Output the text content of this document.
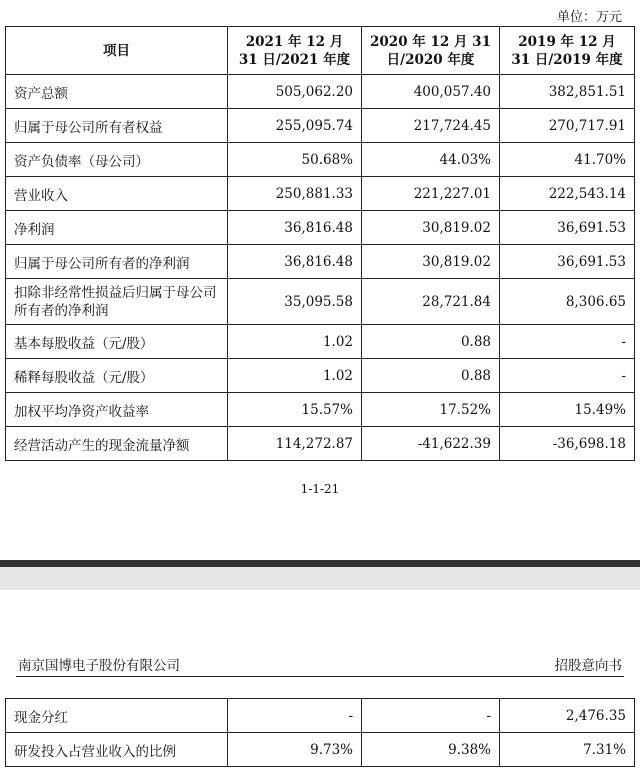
单位：万元
项目	2021 年 12 月 31 日/2021 年度	2020 年 12 月 31 日/2020 年度	2019 年 12 月 31 日/2019 年度
资产总额	505,062.20	400,057.40	382,851.51
归属于母公司所有者权益	255,095.74	217,724.45	270,717.91
资产负债率（母公司）	50.68%	44.03%	41.70%
营业收入	250,881.33	221,227.01	222,543.14
净利润	36,816.48	30,819.02	36,691.53
归属于母公司所有者的净利润	36,816.48	30,819.02	36,691.53
扣除非经常性损益后归属于母公司所有者的净利润	35,095.58	28,721.84	8,306.65
基本每股收益（元/股）	1.02	0.88	-
稀释每股收益（元/股）	1.02	0.88	-
加权平均净资产收益率	15.57%	17.52%	15.49%
经营活动产生的现金流量净额	114,272.87	-41,622.39	-36,698.18
1-1-21
南京国博电子股份有限公司	招股意向书
现金分红	-	-	2,476.35
研发投入占营业收入的比例	9.73%	9.38%	7.31%
